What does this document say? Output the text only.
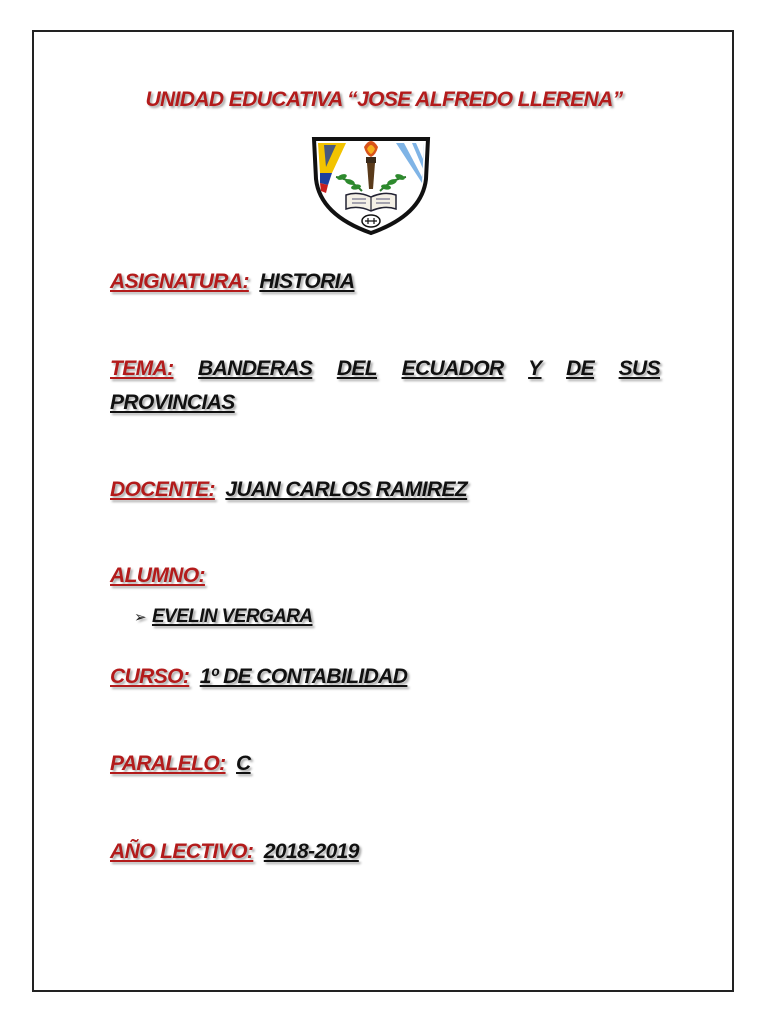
UNIDAD EDUCATIVA “JOSE ALFREDO LLERENA”
ASIGNATURA: HISTORIA
TEMA: BANDERAS DEL ECUADOR Y DE SUS
PROVINCIAS
DOCENTE: JUAN CARLOS RAMIREZ
ALUMNO:
➢ EVELIN VERGARA
CURSO: 1º DE CONTABILIDAD
PARALELO: C
AÑO LECTIVO: 2018-2019
